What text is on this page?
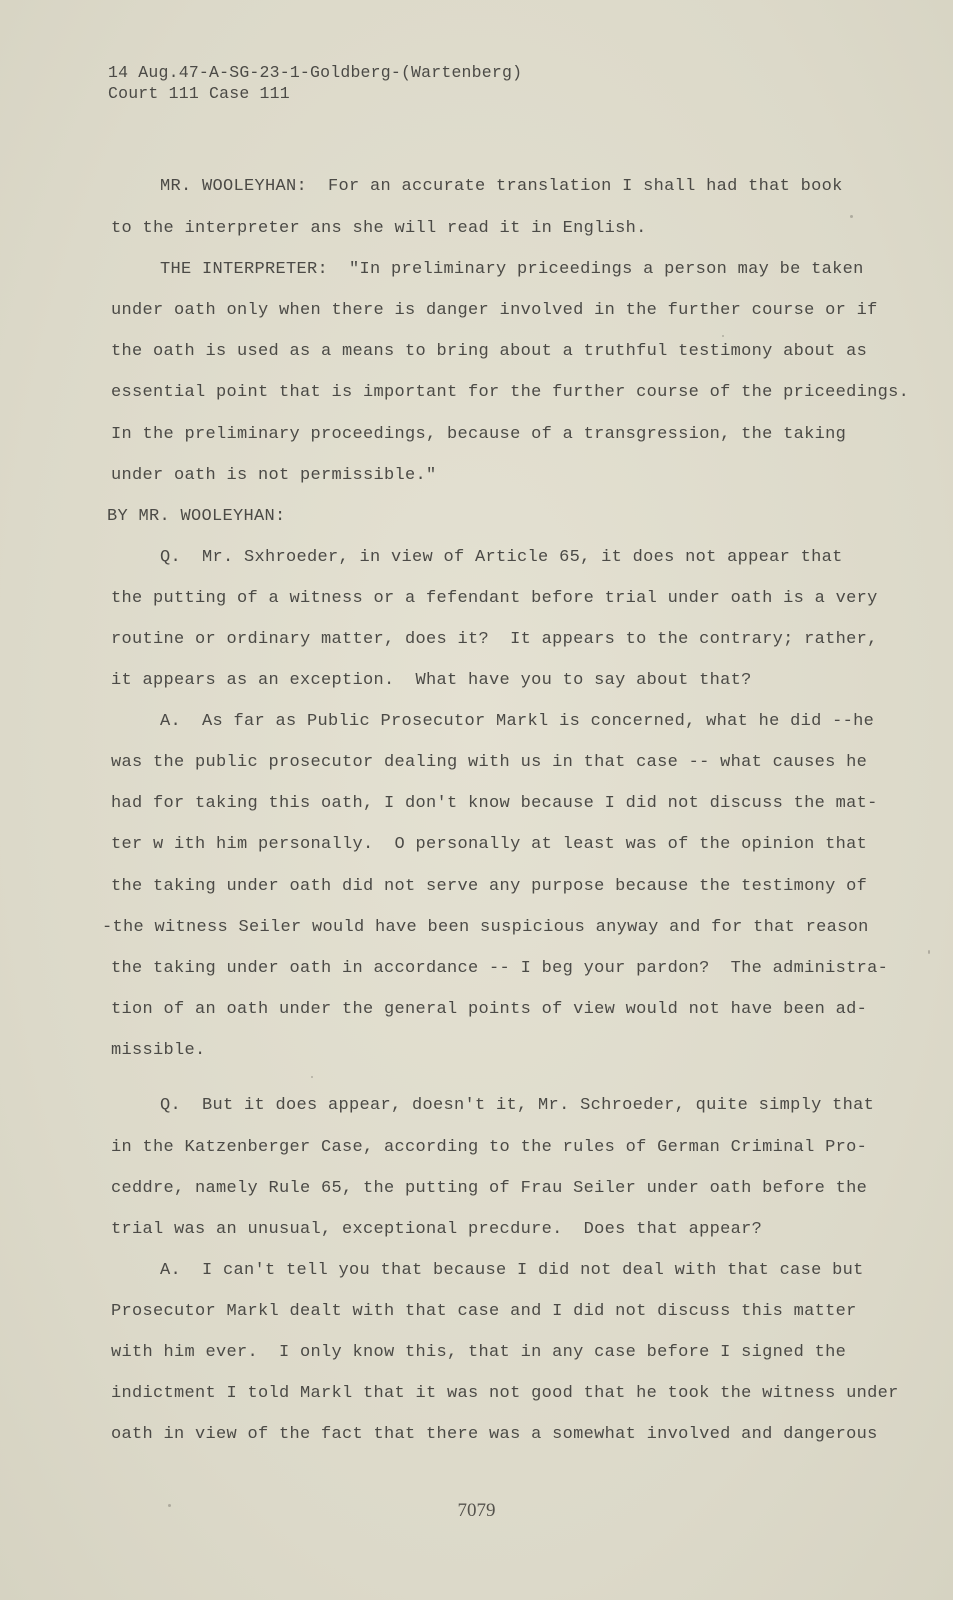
14 Aug.47-A-SG-23-1-Goldberg-(Wartenberg)
Court 111 Case 111
MR. WOOLEYHAN:  For an accurate translation I shall had that book
to the interpreter ans she will read it in English.
THE INTERPRETER:  "In preliminary priceedings a person may be taken
under oath only when there is danger involved in the further course or if
the oath is used as a means to bring about a truthful testimony about as
essential point that is important for the further course of the priceedings.
In the preliminary proceedings, because of a transgression, the taking
under oath is not permissible."
BY MR. WOOLEYHAN:
Q.  Mr. Sxhroeder, in view of Article 65, it does not appear that
the putting of a witness or a fefendant before trial under oath is a very
routine or ordinary matter, does it?  It appears to the contrary; rather,
it appears as an exception.  What have you to say about that?
A.  As far as Public Prosecutor Markl is concerned, what he did --he
was the public prosecutor dealing with us in that case -- what causes he
had for taking this oath, I don't know because I did not discuss the mat-
ter w ith him personally.  O personally at least was of the opinion that
the taking under oath did not serve any purpose because the testimony of
-the witness Seiler would have been suspicious anyway and for that reason
the taking under oath in accordance -- I beg your pardon?  The administra-
tion of an oath under the general points of view would not have been ad-
missible.
Q.  But it does appear, doesn't it, Mr. Schroeder, quite simply that
in the Katzenberger Case, according to the rules of German Criminal Pro-
ceddre, namely Rule 65, the putting of Frau Seiler under oath before the
trial was an unusual, exceptional precdure.  Does that appear?
A.  I can't tell you that because I did not deal with that case but
Prosecutor Markl dealt with that case and I did not discuss this matter
with him ever.  I only know this, that in any case before I signed the
indictment I told Markl that it was not good that he took the witness under
oath in view of the fact that there was a somewhat involved and dangerous
7079
